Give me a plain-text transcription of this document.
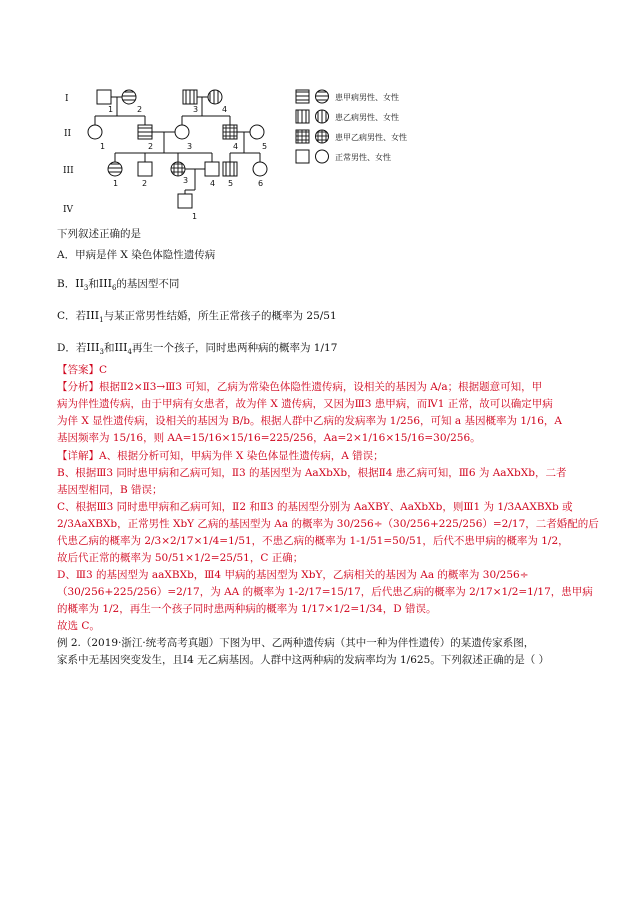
I
II
III
IV
1	2	3	4
1	2	3	4	5
1	2	3	4 5	6
1
患甲病男性、女性
患乙病男性、女性
患甲乙病男性、女性
正常男性、女性
下列叙述正确的是
A．甲病是伴 X 染色体隐性遗传病
B．$II_3$和$III_6$的基因型不同
C．若$III_1$与某正常男性结婚，所生正常孩子的概率为 25/51
D．若$III_3$和$III_4$再生一个孩子，同时患两种病的概率为 1/17
【答案】C
【分析】根据Ⅱ2×Ⅱ3→Ⅲ3 可知，乙病为常染色体隐性遗传病，设相关的基因为 A/a；根据题意可知，甲
病为伴性遗传病，由于甲病有女患者，故为伴 X 遗传病，又因为Ⅲ3 患甲病，而Ⅳ1 正常，故可以确定甲病
为伴 X 显性遗传病，设相关的基因为 B/b。根据人群中乙病的发病率为 1/256，可知 a 基因概率为 1/16，A
基因频率为 15/16，则 AA=15/16×15/16=225/256，Aa=2×1/16×15/16=30/256。
【详解】A、根据分析可知，甲病为伴 X 染色体显性遗传病，A 错误；
B、根据Ⅲ3 同时患甲病和乙病可知，Ⅱ3 的基因型为 AaXbXb，根据Ⅱ4 患乙病可知，Ⅲ6 为 AaXbXb，二者
基因型相同，B 错误；
C、根据Ⅲ3 同时患甲病和乙病可知，Ⅱ2 和Ⅱ3 的基因型分别为 AaXBY、AaXbXb，则Ⅲ1 为 1/3AAXBXb 或
2/3AaXBXb，正常男性 XbY 乙病的基因型为 Aa 的概率为 30/256÷（30/256+225/256）=2/17，二者婚配的后
代患乙病的概率为 2/3×2/17×1/4=1/51，不患乙病的概率为 1-1/51=50/51，后代不患甲病的概率为 1/2，
故后代正常的概率为 50/51×1/2=25/51，C 正确；
D、Ⅲ3 的基因型为 aaXBXb，Ⅲ4 甲病的基因型为 XbY，乙病相关的基因为 Aa 的概率为 30/256÷
（30/256+225/256）=2/17，为 AA 的概率为 1-2/17=15/17，后代患乙病的概率为 2/17×1/2=1/17，患甲病
的概率为 1/2，再生一个孩子同时患两种病的概率为 1/17×1/2=1/34，D 错误。
故选 C。
例 2.（2019·浙江·统考高考真题）下图为甲、乙两种遗传病（其中一种为伴性遗传）的某遗传家系图，
家系中无基因突变发生，且Ⅰ4 无乙病基因。人群中这两种病的发病率均为 1/625。下列叙述正确的是（ ）
